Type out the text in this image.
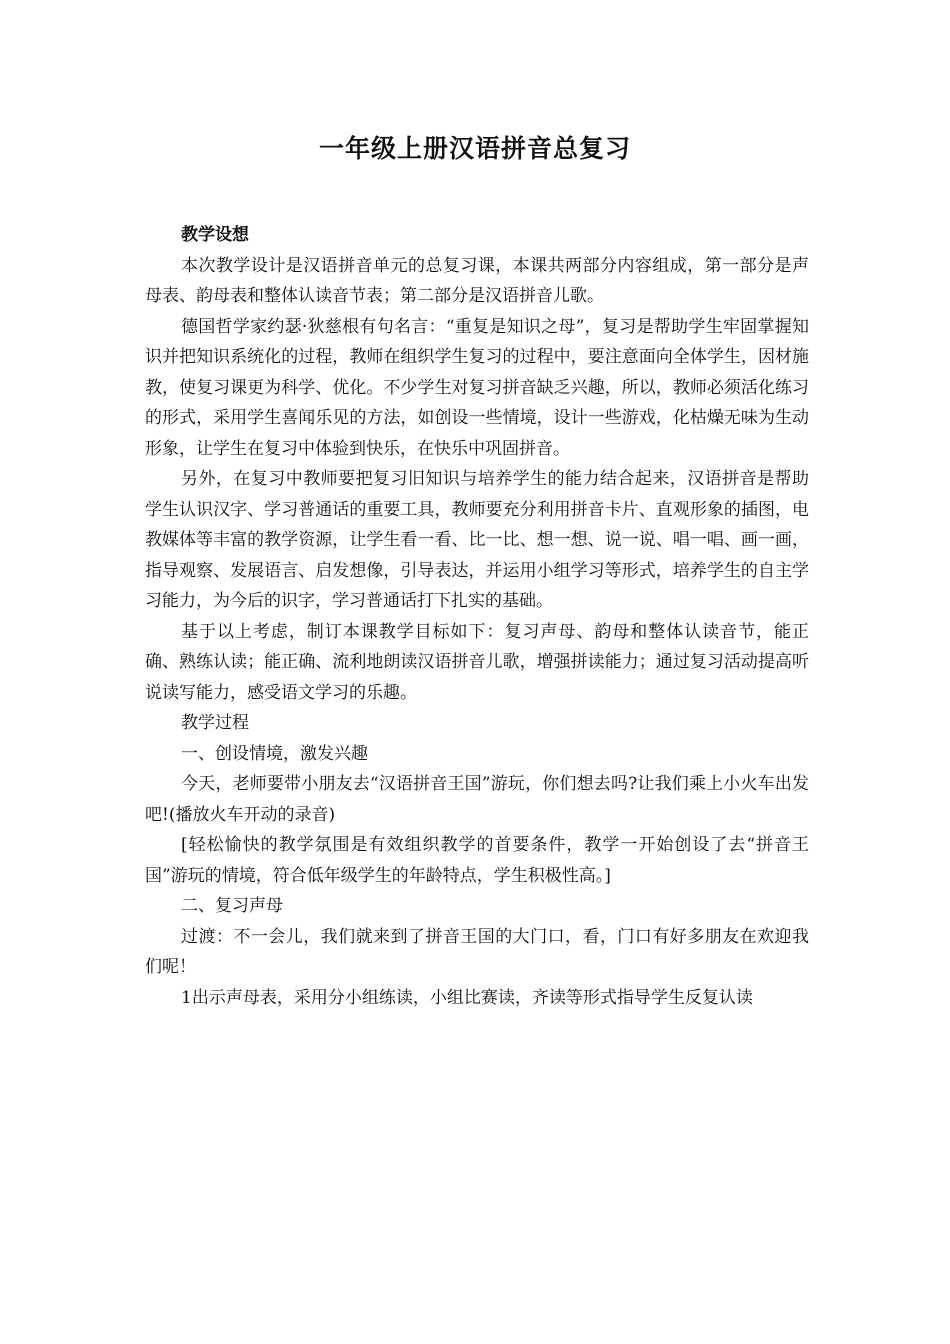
一年级上册汉语拼音总复习

教学设想

本次教学设计是汉语拼音单元的总复习课，本课共两部分内容组成，第一部分是声母表、韵母表和整体认读音节表；第二部分是汉语拼音儿歌。

德国哲学家约瑟·狄慈根有句名言：“重复是知识之母”，复习是帮助学生牢固掌握知识并把知识系统化的过程，教师在组织学生复习的过程中，要注意面向全体学生，因材施教，使复习课更为科学、优化。不少学生对复习拼音缺乏兴趣，所以，教师必须活化练习的形式，采用学生喜闻乐见的方法，如创设一些情境，设计一些游戏，化枯燥无味为生动形象，让学生在复习中体验到快乐，在快乐中巩固拼音。

另外，在复习中教师要把复习旧知识与培养学生的能力结合起来，汉语拼音是帮助学生认识汉字、学习普通话的重要工具，教师要充分利用拼音卡片、直观形象的插图，电教媒体等丰富的教学资源，让学生看一看、比一比、想一想、说一说、唱一唱、画一画，指导观察、发展语言、启发想像，引导表达，并运用小组学习等形式，培养学生的自主学习能力，为今后的识字，学习普通话打下扎实的基础。

基于以上考虑，制订本课教学目标如下：复习声母、韵母和整体认读音节，能正确、熟练认读；能正确、流利地朗读汉语拼音儿歌，增强拼读能力；通过复习活动提高听说读写能力，感受语文学习的乐趣。

教学过程

一、创设情境，激发兴趣

今天，老师要带小朋友去“汉语拼音王国”游玩，你们想去吗?让我们乘上小火车出发吧!(播放火车开动的录音)

[轻松愉快的教学氛围是有效组织教学的首要条件，教学一开始创设了去“拼音王国”游玩的情境，符合低年级学生的年龄特点，学生积极性高。]

二、复习声母

过渡：不一会儿，我们就来到了拼音王国的大门口，看，门口有好多朋友在欢迎我们呢！

1出示声母表，采用分小组练读，小组比赛读，齐读等形式指导学生反复认读
